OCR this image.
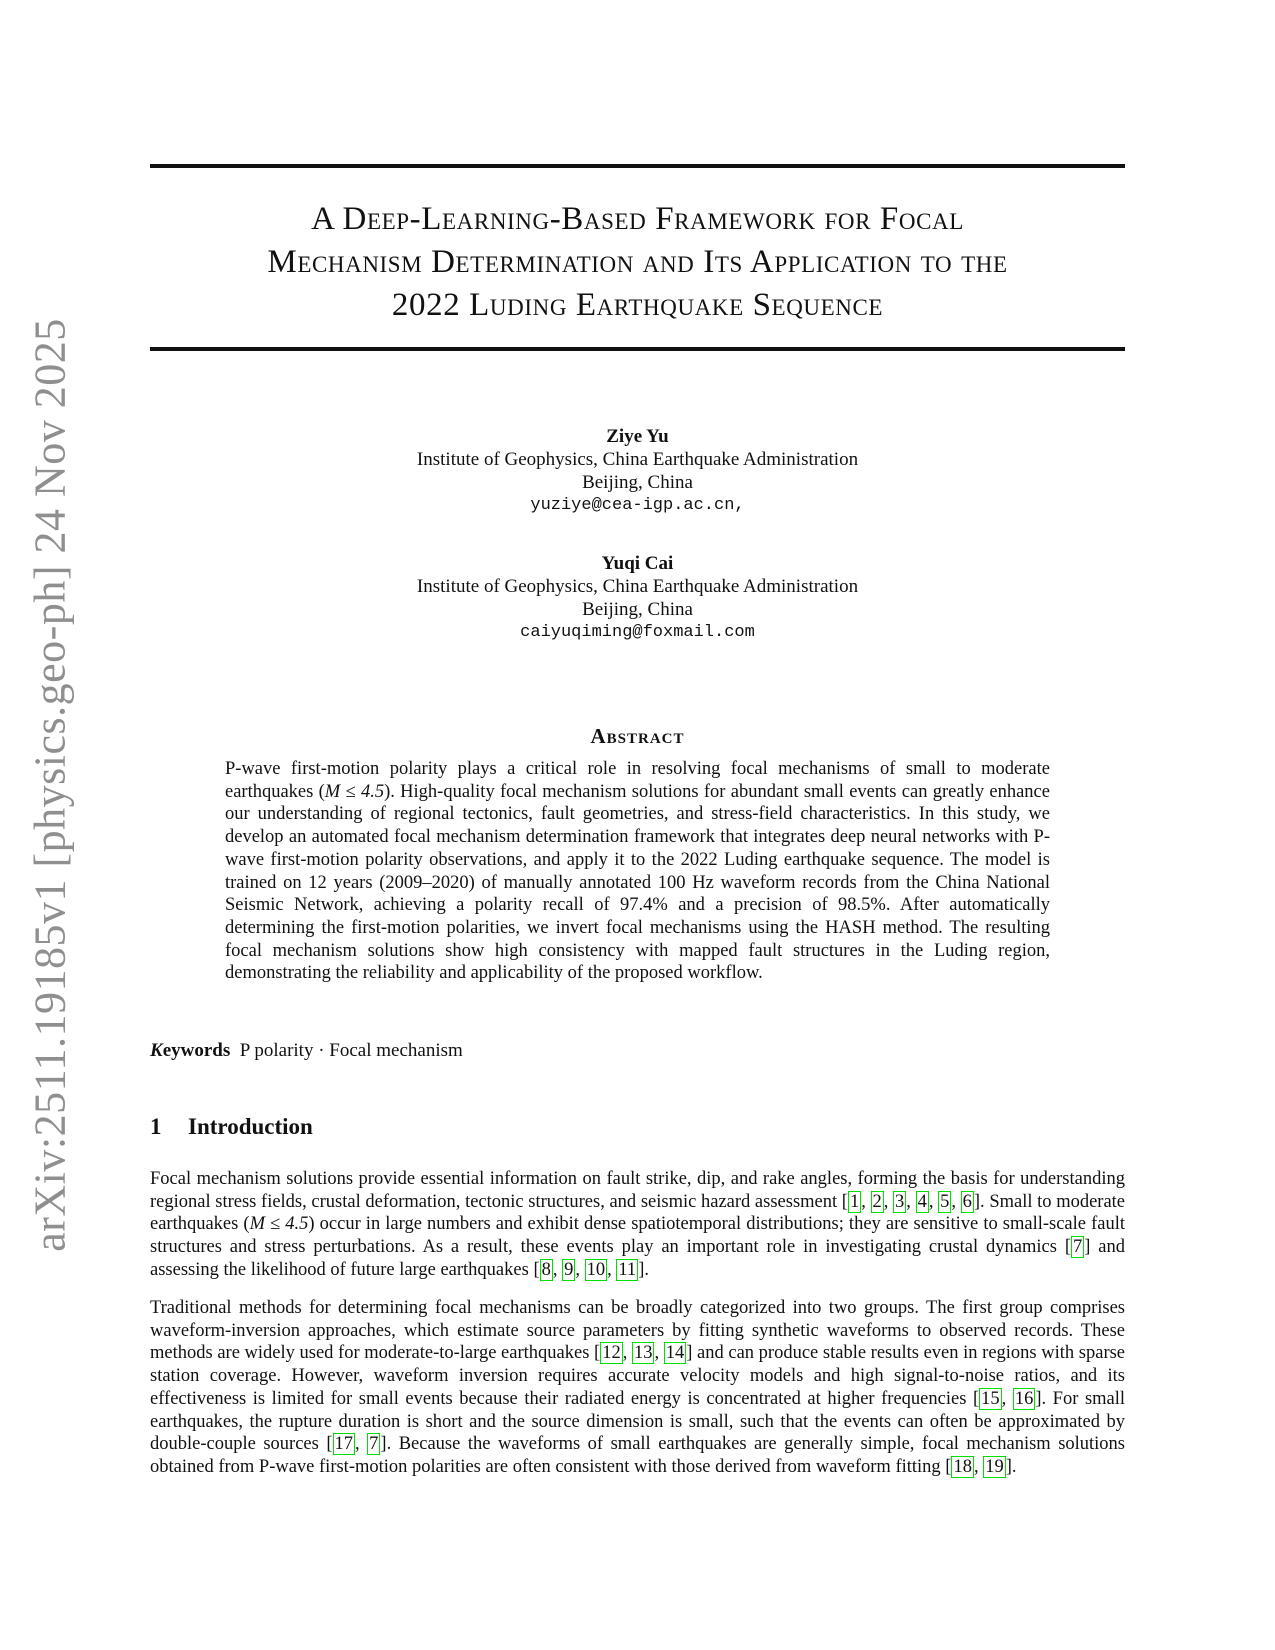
arXiv:2511.19185v1 [physics.geo-ph] 24 Nov 2025
A Deep-Learning-Based Framework for Focal
Mechanism Determination and Its Application to the
2022 Luding Earthquake Sequence
Ziye Yu
Institute of Geophysics, China Earthquake Administration
Beijing, China
yuziye@cea-igp.ac.cn,
Yuqi Cai
Institute of Geophysics, China Earthquake Administration
Beijing, China
caiyuqiming@foxmail.com
Abstract
P-wave first-motion polarity plays a critical role in resolving focal mechanisms of small to moderate earthquakes (M ≤ 4.5). High-quality focal mechanism solutions for abundant small events can greatly enhance our understanding of regional tectonics, fault geometries, and stress-field characteristics. In this study, we develop an automated focal mechanism determination framework that integrates deep neural networks with P-wave first-motion polarity observations, and apply it to the 2022 Luding earthquake sequence. The model is trained on 12 years (2009–2020) of manually annotated 100 Hz waveform records from the China National Seismic Network, achieving a polarity recall of 97.4% and a precision of 98.5%. After automatically determining the first-motion polarities, we invert focal mechanisms using the HASH method. The resulting focal mechanism solutions show high consistency with mapped fault structures in the Luding region, demonstrating the reliability and applicability of the proposed workflow.
Keywords P polarity · Focal mechanism
1 Introduction
Focal mechanism solutions provide essential information on fault strike, dip, and rake angles, forming the basis for understanding regional stress fields, crustal deformation, tectonic structures, and seismic hazard assessment [ 1 , 2 , 3 , 4 , 5 , 6 ]. Small to moderate earthquakes (M ≤ 4.5) occur in large numbers and exhibit dense spatiotemporal distributions; they are sensitive to small-scale fault structures and stress perturbations. As a result, these events play an important role in investigating crustal dynamics [ 7 ] and assessing the likelihood of future large earthquakes [ 8 , 9 , 10 , 11 ].
Traditional methods for determining focal mechanisms can be broadly categorized into two groups. The first group comprises waveform-inversion approaches, which estimate source parameters by fitting synthetic waveforms to observed records. These methods are widely used for moderate-to-large earthquakes [ 12 , 13 , 14 ] and can produce stable results even in regions with sparse station coverage. However, waveform inversion requires accurate velocity models and high signal-to-noise ratios, and its effectiveness is limited for small events because their radiated energy is concentrated at higher frequencies [ 15 , 16 ]. For small earthquakes, the rupture duration is short and the source dimension is small, such that the events can often be approximated by double-couple sources [ 17 , 7 ]. Because the waveforms of small earthquakes are generally simple, focal mechanism solutions obtained from P-wave first-motion polarities are often consistent with those derived from waveform fitting [ 18 , 19 ].
